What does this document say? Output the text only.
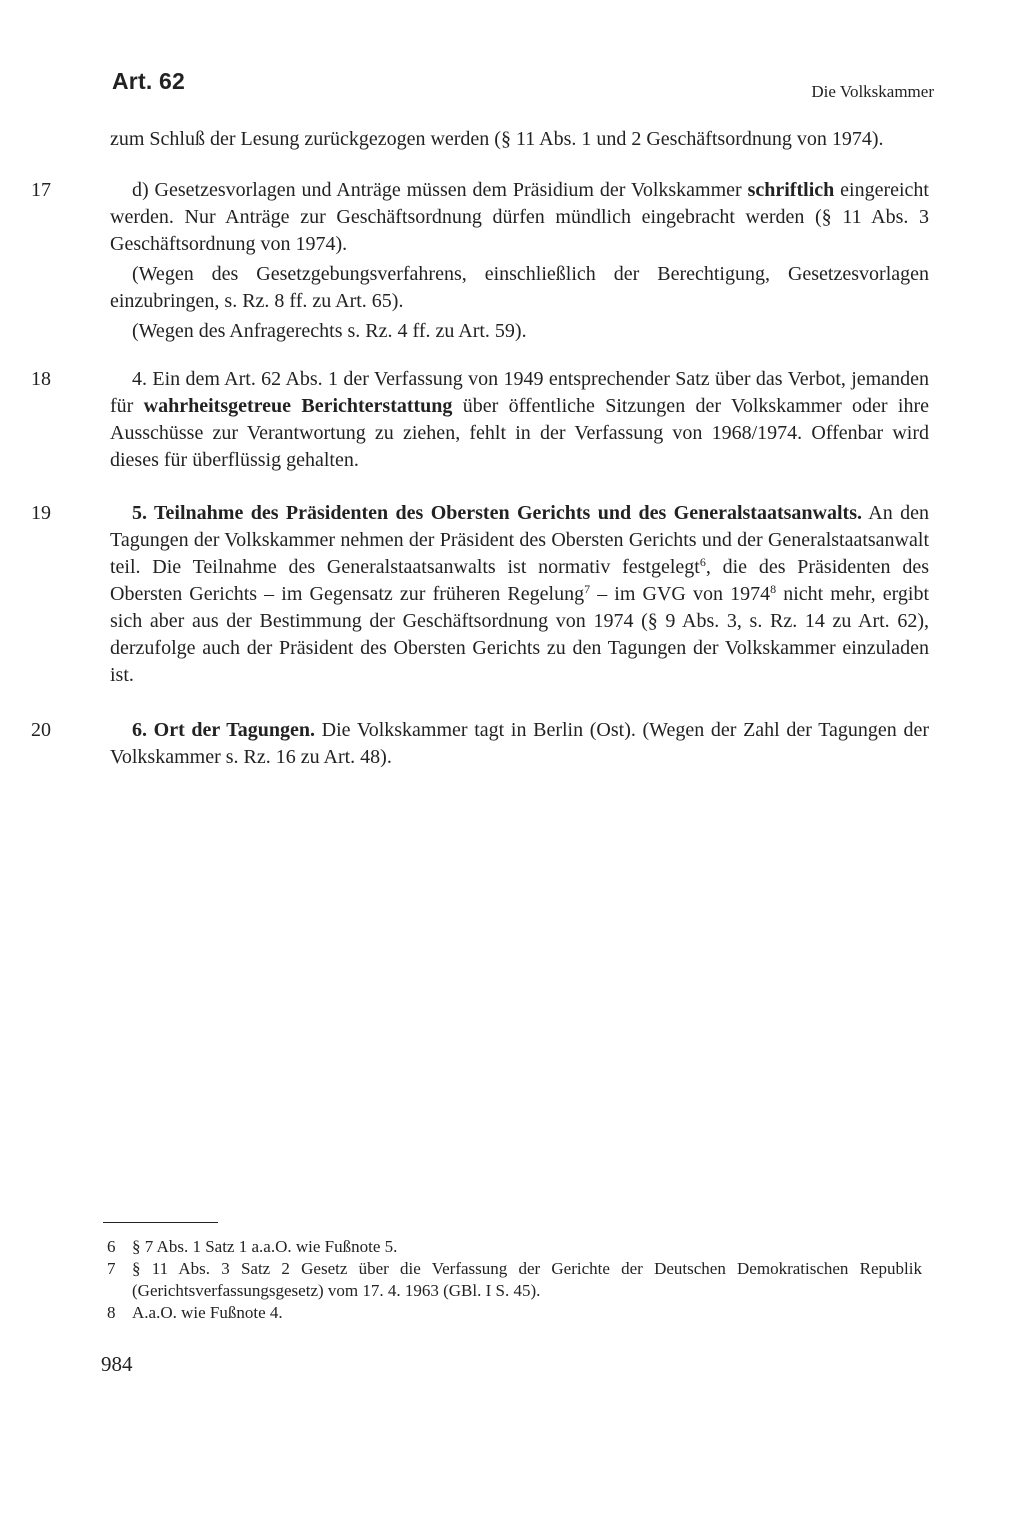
Art. 62	Die Volkskammer

zum Schluß der Lesung zurückgezogen werden (§ 11 Abs. 1 und 2 Geschäftsordnung von 1974).

17	d) Gesetzesvorlagen und Anträge müssen dem Präsidium der Volkskammer schriftlich eingereicht werden. Nur Anträge zur Geschäftsordnung dürfen mündlich eingebracht werden (§ 11 Abs. 3 Geschäftsordnung von 1974).

(Wegen des Gesetzgebungsverfahrens, einschließlich der Berechtigung, Gesetzesvorlagen einzubringen, s. Rz. 8 ff. zu Art. 65).

(Wegen des Anfragerechts s. Rz. 4 ff. zu Art. 59).

18	4. Ein dem Art. 62 Abs. 1 der Verfassung von 1949 entsprechender Satz über das Verbot, jemanden für wahrheitsgetreue Berichterstattung über öffentliche Sitzungen der Volkskammer oder ihre Ausschüsse zur Verantwortung zu ziehen, fehlt in der Verfassung von 1968/1974. Offenbar wird dieses für überflüssig gehalten.

19	5. Teilnahme des Präsidenten des Obersten Gerichts und des Generalstaatsanwalts. An den Tagungen der Volkskammer nehmen der Präsident des Obersten Gerichts und der Generalstaatsanwalt teil. Die Teilnahme des Generalstaatsanwalts ist normativ festgelegt$^6$, die des Präsidenten des Obersten Gerichts – im Gegensatz zur früheren Regelung$^7$ – im GVG von 1974$^8$ nicht mehr, ergibt sich aber aus der Bestimmung der Geschäftsordnung von 1974 (§ 9 Abs. 3, s. Rz. 14 zu Art. 62), derzufolge auch der Präsident des Obersten Gerichts zu den Tagungen der Volkskammer einzuladen ist.

20	6. Ort der Tagungen. Die Volkskammer tagt in Berlin (Ost). (Wegen der Zahl der Tagungen der Volkskammer s. Rz. 16 zu Art. 48).

6 § 7 Abs. 1 Satz 1 a.a.O. wie Fußnote 5.
7 § 11 Abs. 3 Satz 2 Gesetz über die Verfassung der Gerichte der Deutschen Demokratischen Republik (Gerichtsverfassungsgesetz) vom 17. 4. 1963 (GBl. I S. 45).
8 A.a.O. wie Fußnote 4.
984
